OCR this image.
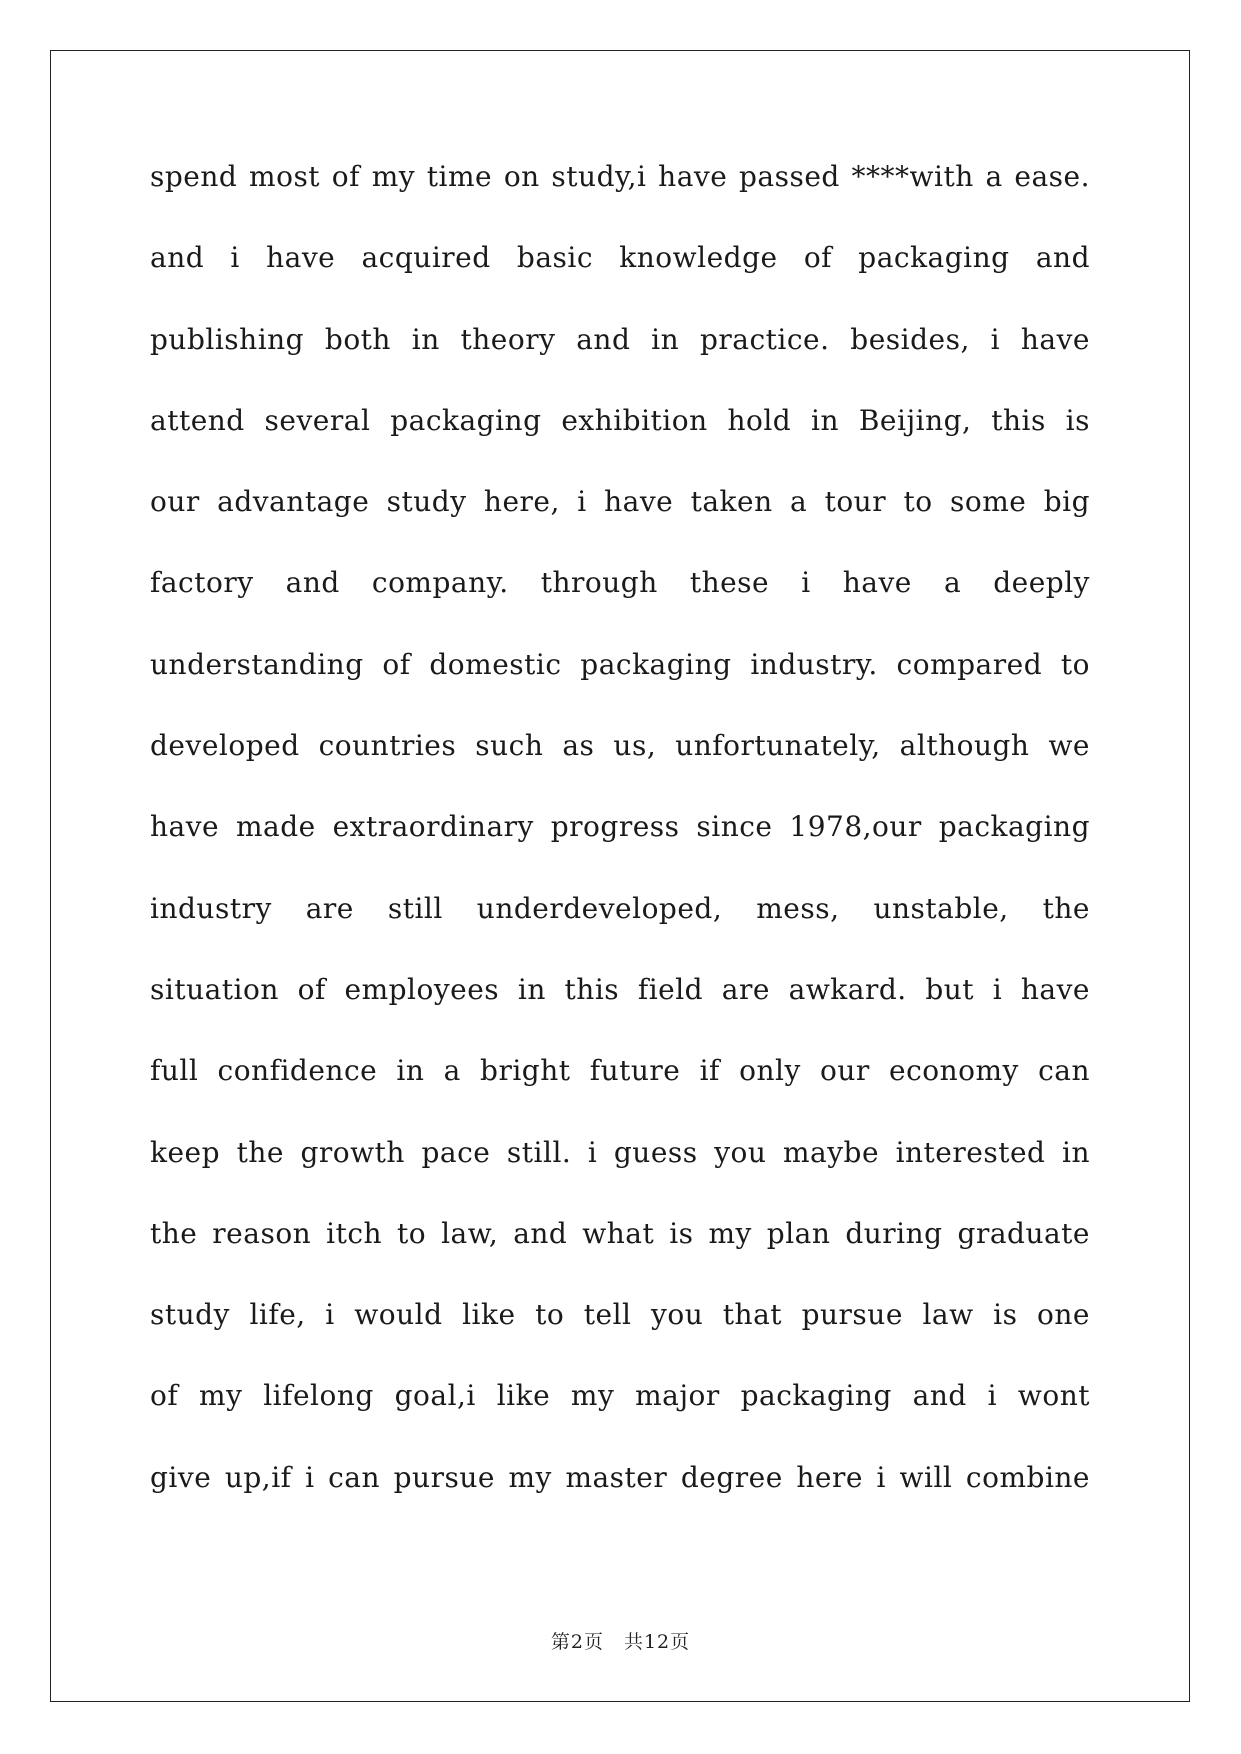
spend most of my time on study,i have passed ****with a ease.
and i have acquired basic knowledge of packaging and
publishing both in theory and in practice. besides, i have
attend several packaging exhibition hold in Beijing, this is
our advantage study here, i have taken a tour to some big
factory and company. through these i have a deeply
understanding of domestic packaging industry. compared to
developed countries such as us, unfortunately, although we
have made extraordinary progress since 1978,our packaging
industry are still underdeveloped, mess, unstable, the
situation of employees in this field are awkard. but i have
full confidence in a bright future if only our economy can
keep the growth pace still. i guess you maybe interested in
the reason itch to law, and what is my plan during graduate
study life, i would like to tell you that pursue law is one
of my lifelong goal,i like my major packaging and i wont
give up,if i can pursue my master degree here i will combine
第2页　共12页
